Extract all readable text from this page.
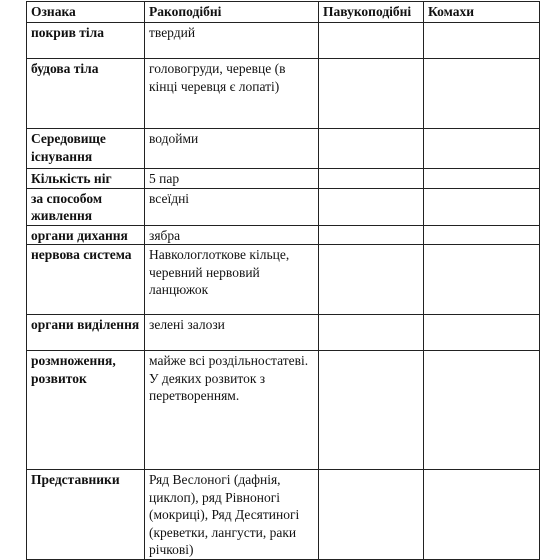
Ознака	Ракоподібні	Павукоподібні	Комахи
покрив тіла	твердий		
будова тіла	головогруди, черевце (в кінці черевця є лопаті)		
Середовище існування	водойми		
Кількість ніг	5 пар		
за способом живлення	всеїдні		
органи дихання	зябра		
нервова система	Навкологлоткове кільце, черевний нервовий ланцюжок		
органи виділення	зелені залози		
розмноження, розвиток	майже всі роздільностатеві. У деяких розвиток з перетворенням.		
Представники	Ряд Веслоногі (дафнія, циклоп), ряд Рівноногі (мокриці), Ряд Десятиногі (креветки, лангусти, раки річкові)		
